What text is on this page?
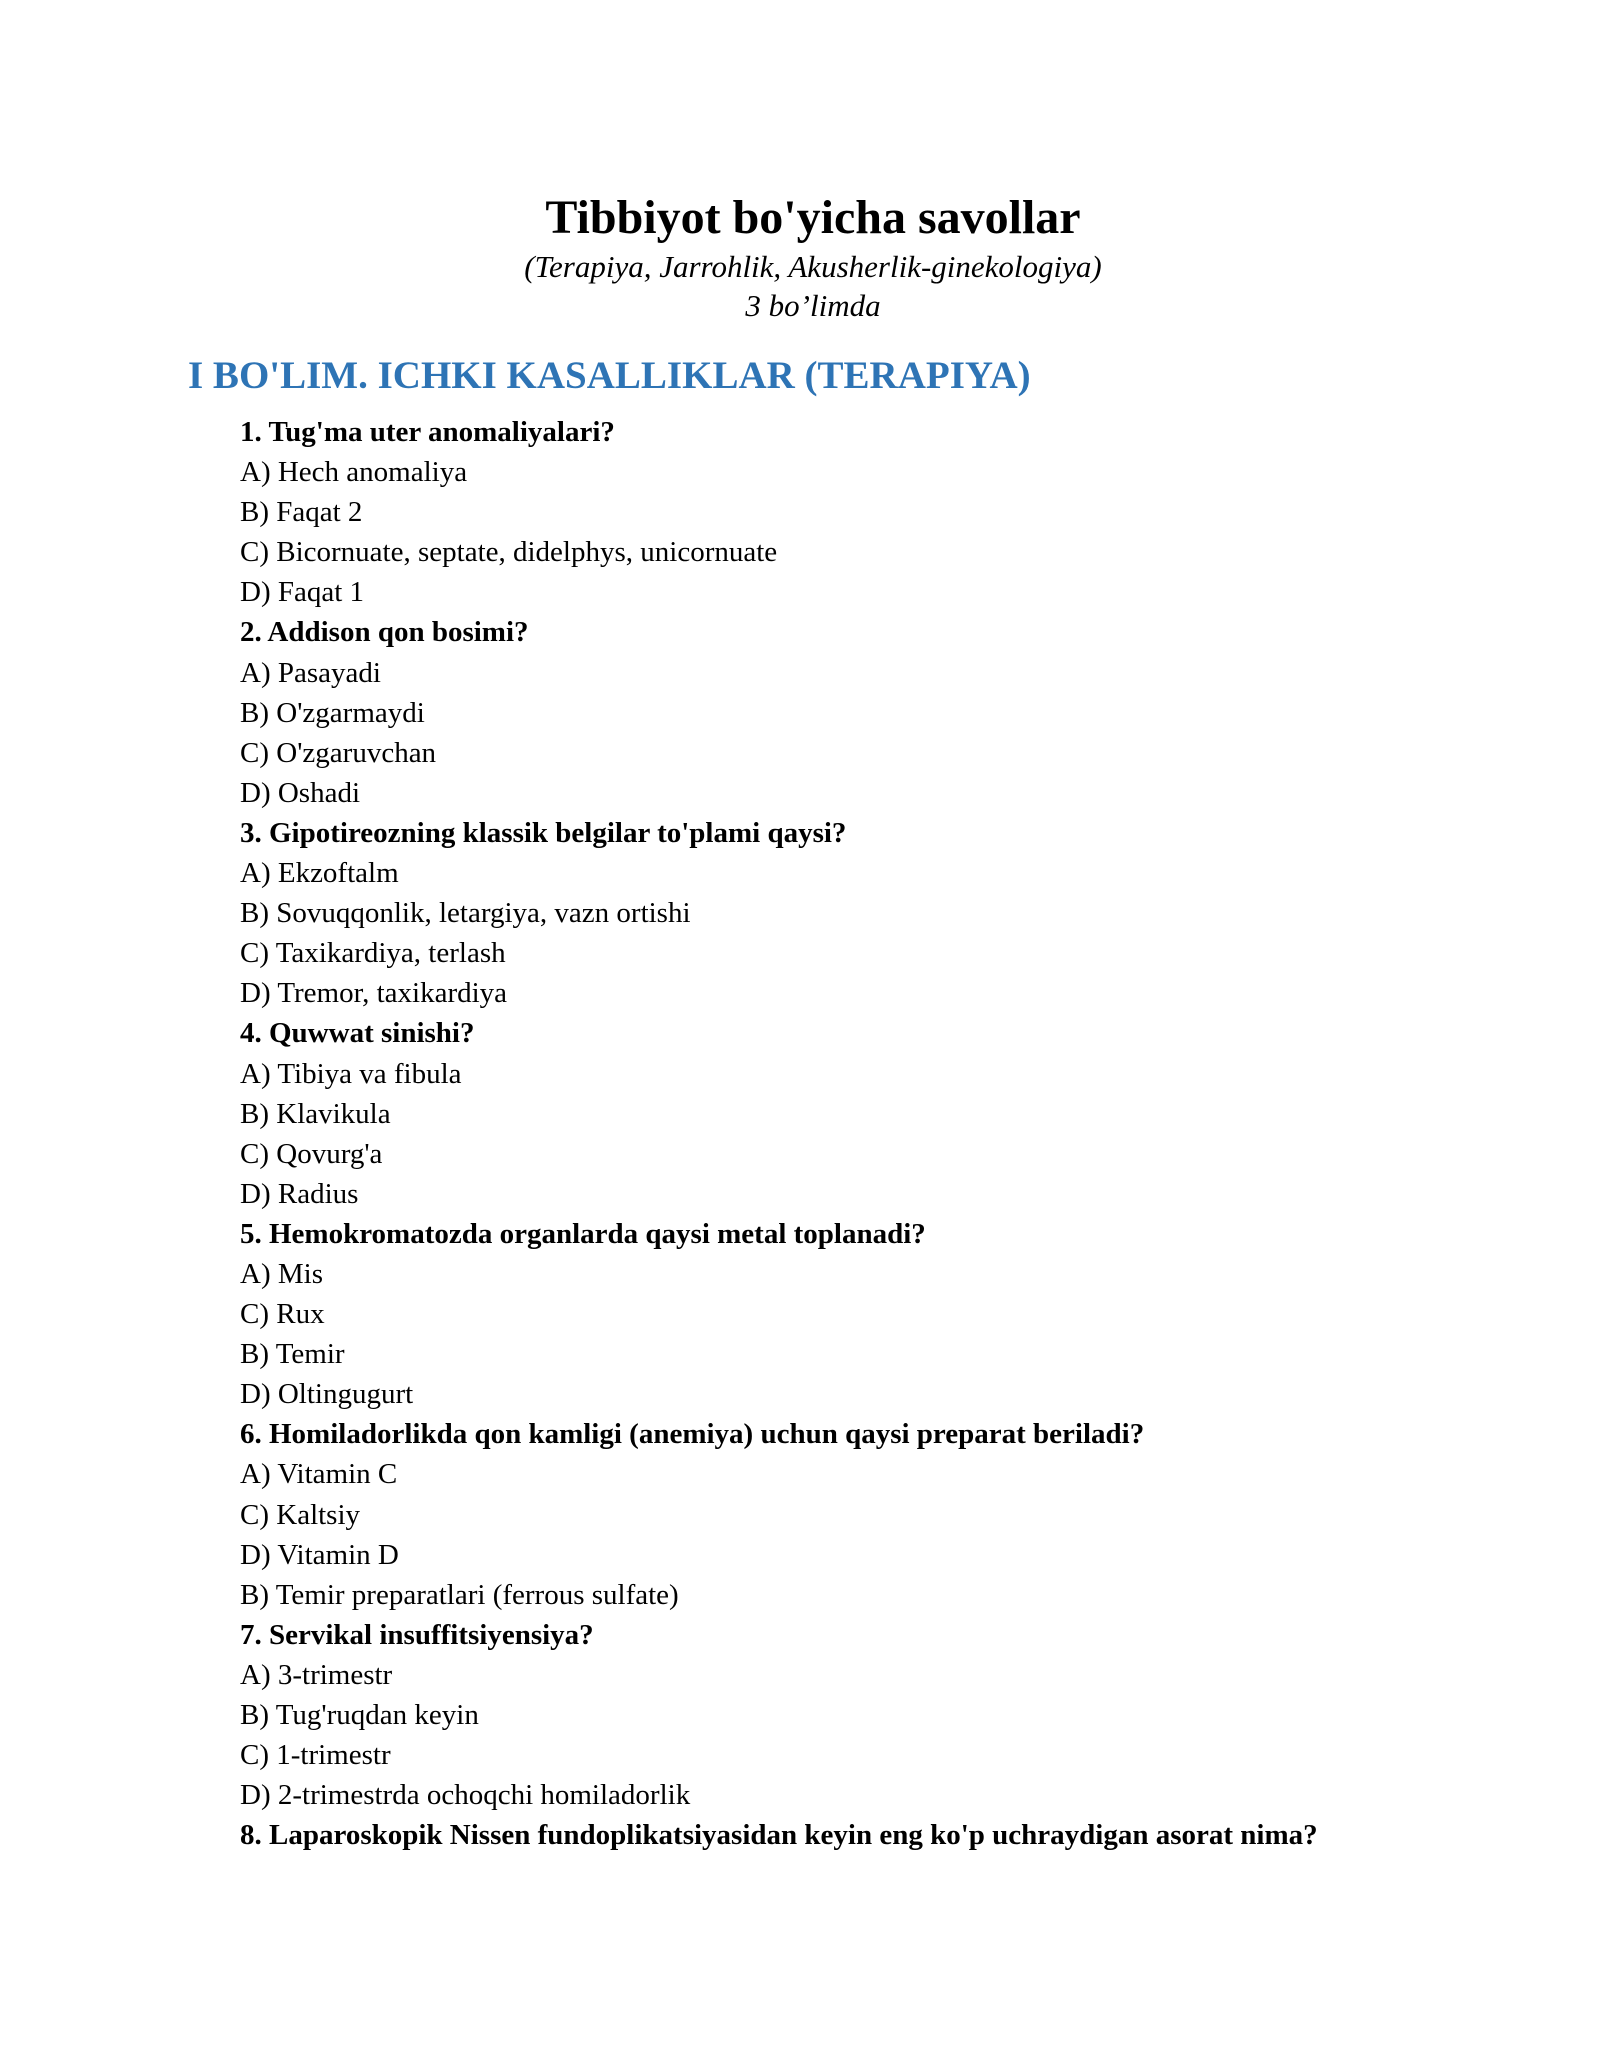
Tibbiyot bo'yicha savollar
(Terapiya, Jarrohlik, Akusherlik-ginekologiya)
3 bo’limda
I BO'LIM. ICHKI KASALLIKLAR (TERAPIYA)
1. Tug'ma uter anomaliyalari?
A) Hech anomaliya
B) Faqat 2
C) Bicornuate, septate, didelphys, unicornuate
D) Faqat 1
2. Addison qon bosimi?
A) Pasayadi
B) O'zgarmaydi
C) O'zgaruvchan
D) Oshadi
3. Gipotireozning klassik belgilar to'plami qaysi?
A) Ekzoftalm
B) Sovuqqonlik, letargiya, vazn ortishi
C) Taxikardiya, terlash
D) Tremor, taxikardiya
4. Quwwat sinishi?
A) Tibiya va fibula
B) Klavikula
C) Qovurg'a
D) Radius
5. Hemokromatozda organlarda qaysi metal toplanadi?
A) Mis
C) Rux
B) Temir
D) Oltingugurt
6. Homiladorlikda qon kamligi (anemiya) uchun qaysi preparat beriladi?
A) Vitamin C
C) Kaltsiy
D) Vitamin D
B) Temir preparatlari (ferrous sulfate)
7. Servikal insuffitsiyensiya?
A) 3-trimestr
B) Tug'ruqdan keyin
C) 1-trimestr
D) 2-trimestrda ochoqchi homiladorlik
8. Laparoskopik Nissen fundoplikatsiyasidan keyin eng ko'p uchraydigan asorat nima?
